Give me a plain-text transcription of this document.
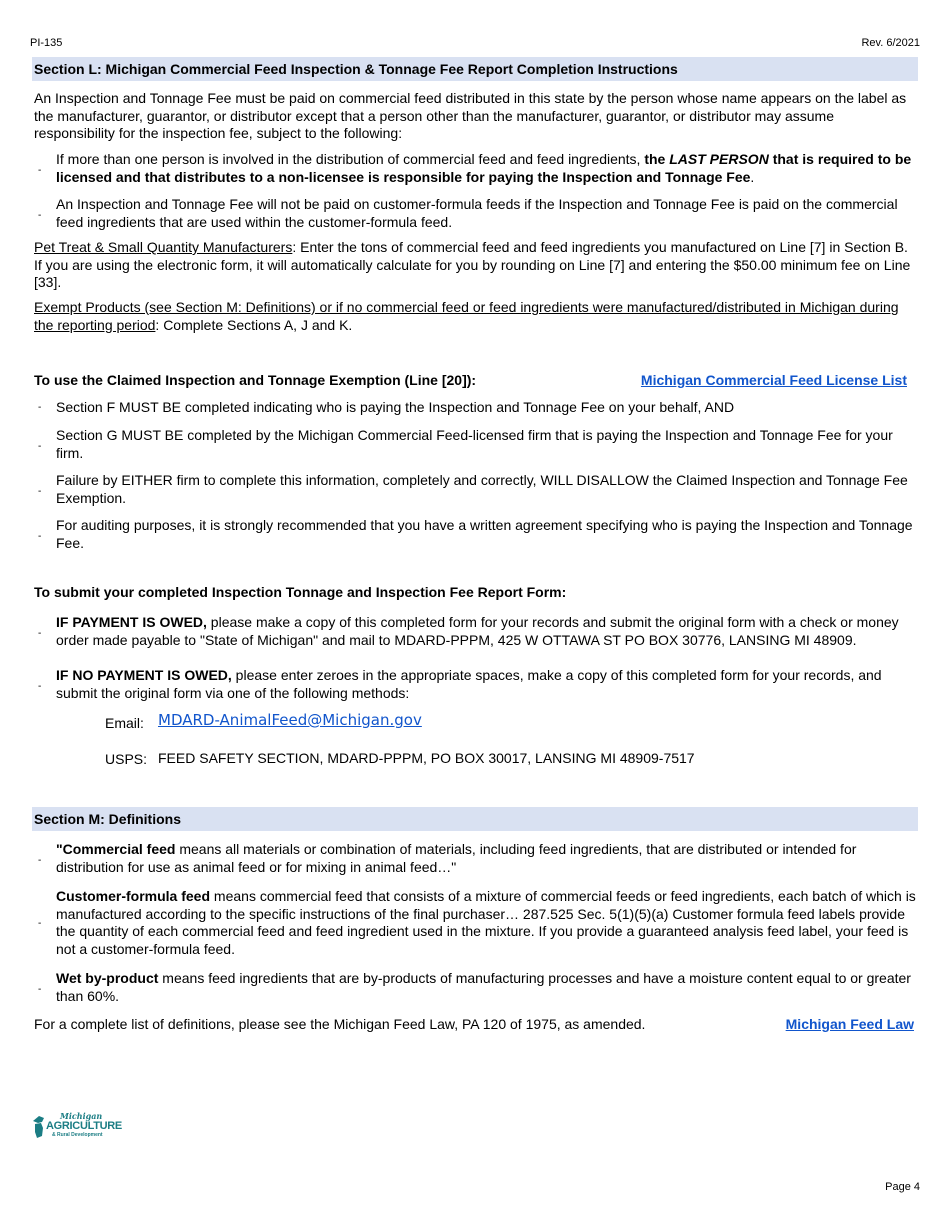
PI-135	Rev. 6/2021
Section L: Michigan Commercial Feed Inspection & Tonnage Fee Report Completion Instructions
An Inspection and Tonnage Fee must be paid on commercial feed distributed in this state by the person whose name appears on the label as the manufacturer, guarantor, or distributor except that a person other than the manufacturer, guarantor, or distributor may assume responsibility for the inspection fee, subject to the following:
-
If more than one person is involved in the distribution of commercial feed and feed ingredients, the LAST PERSON that is required to be licensed and that distributes to a non-licensee is responsible for paying the Inspection and Tonnage Fee.
-
An Inspection and Tonnage Fee will not be paid on customer-formula feeds if the Inspection and Tonnage Fee is paid on the commercial feed ingredients that are used within the customer-formula feed.
Pet Treat & Small Quantity Manufacturers: Enter the tons of commercial feed and feed ingredients you manufactured on Line [7] in Section B. If you are using the electronic form, it will automatically calculate for you by rounding on Line [7] and entering the $50.00 minimum fee on Line [33].
Exempt Products (see Section M: Definitions) or if no commercial feed or feed ingredients were manufactured/distributed in Michigan during the reporting period: Complete Sections A, J and K.
To use the Claimed Inspection and Tonnage Exemption (Line [20]):	Michigan Commercial Feed License List
- Section F MUST BE completed indicating who is paying the Inspection and Tonnage Fee on your behalf, AND
-
Section G MUST BE completed by the Michigan Commercial Feed-licensed firm that is paying the Inspection and Tonnage Fee for your firm.
-
Failure by EITHER firm to complete this information, completely and correctly, WILL DISALLOW the Claimed Inspection and Tonnage Fee Exemption.
-
For auditing purposes, it is strongly recommended that you have a written agreement specifying who is paying the Inspection and Tonnage Fee.
To submit your completed Inspection Tonnage and Inspection Fee Report Form:
-
IF PAYMENT IS OWED, please make a copy of this completed form for your records and submit the original form with a check or money order made payable to "State of Michigan" and mail to MDARD-PPPM, 425 W OTTAWA ST PO BOX 30776, LANSING MI 48909.
-
IF NO PAYMENT IS OWED, please enter zeroes in the appropriate spaces, make a copy of this completed form for your records, and submit the original form via one of the following methods:
Email: MDARD-AnimalFeed@Michigan.gov
USPS: FEED SAFETY SECTION, MDARD-PPPM, PO BOX 30017, LANSING MI 48909-7517
Section M: Definitions
-
"Commercial feed means all materials or combination of materials, including feed ingredients, that are distributed or intended for distribution for use as animal feed or for mixing in animal feed…"
-
Customer-formula feed means commercial feed that consists of a mixture of commercial feeds or feed ingredients, each batch of which is manufactured according to the specific instructions of the final purchaser… 287.525 Sec. 5(1)(5)(a) Customer formula feed labels provide the quantity of each commercial feed and feed ingredient used in the mixture. If you provide a guaranteed analysis feed label, your feed is not a customer-formula feed.
-
Wet by-product means feed ingredients that are by-products of manufacturing processes and have a moisture content equal to or greater than 60%.
For a complete list of definitions, please see the Michigan Feed Law, PA 120 of 1975, as amended.	Michigan Feed Law
Michigan
AGRICULTURE
& Rural Development
Page 4
